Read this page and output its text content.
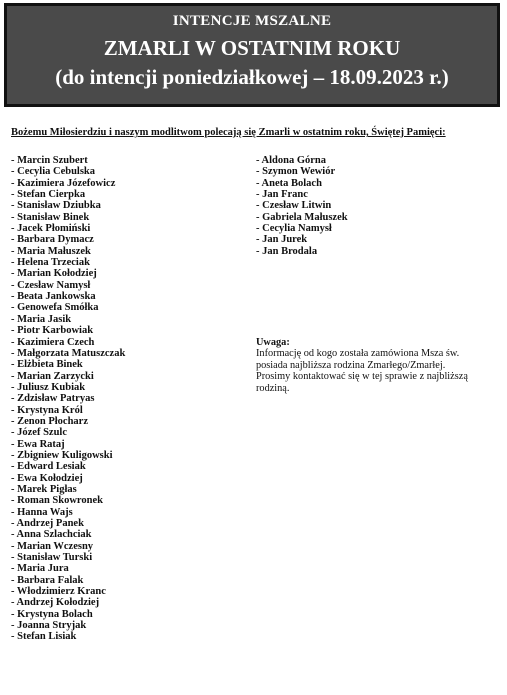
INTENCJE MSZALNE
ZMARLI W OSTATNIM ROKU
(do intencji poniedziałkowej – 18.09.2023 r.)
Bożemu Miłosierdziu i naszym modlitwom polecają się Zmarli w ostatnim roku, Świętej Pamięci:
- Marcin Szubert
- Cecylia Cebulska
- Kazimiera Józefowicz
- Stefan Cierpka
- Stanisław Dziubka
- Stanisław Binek
- Jacek Płomiński
- Barbara Dymacz
- Maria Małuszek
- Helena Trzeciak
- Marian Kołodziej
- Czesław Namysł
- Beata Jankowska
- Genowefa Smółka
- Maria Jasik
- Piotr Karbowiak
- Kazimiera Czech
- Małgorzata Matuszczak
- Elżbieta Binek
- Marian Zarzycki
- Juliusz Kubiak
- Zdzisław Patryas
- Krystyna Król
- Zenon Płocharz
- Józef Szulc
- Ewa Rataj
- Zbigniew Kuligowski
- Edward Lesiak
- Ewa Kołodziej
- Marek Pigłas
- Roman Skowronek
- Hanna Wajs
- Andrzej Panek
- Anna Szlachciak
- Marian Wczesny
- Stanisław Turski
- Maria Jura
- Barbara Falak
- Włodzimierz Kranc
- Andrzej Kołodziej
- Krystyna Bolach
- Joanna Stryjak
- Stefan Lisiak
- Aldona Górna
- Szymon Wewiór
- Aneta Bolach
- Jan Franc
- Czesław Litwin
- Gabriela Małuszek
- Cecylia Namysł
- Jan Jurek
- Jan Brodala
Uwaga:
Informację od kogo została zamówiona Msza św.
posiada najbliższa rodzina Zmarłego/Zmarłej.
Prosimy kontaktować się w tej sprawie z najbliższą
rodziną.
